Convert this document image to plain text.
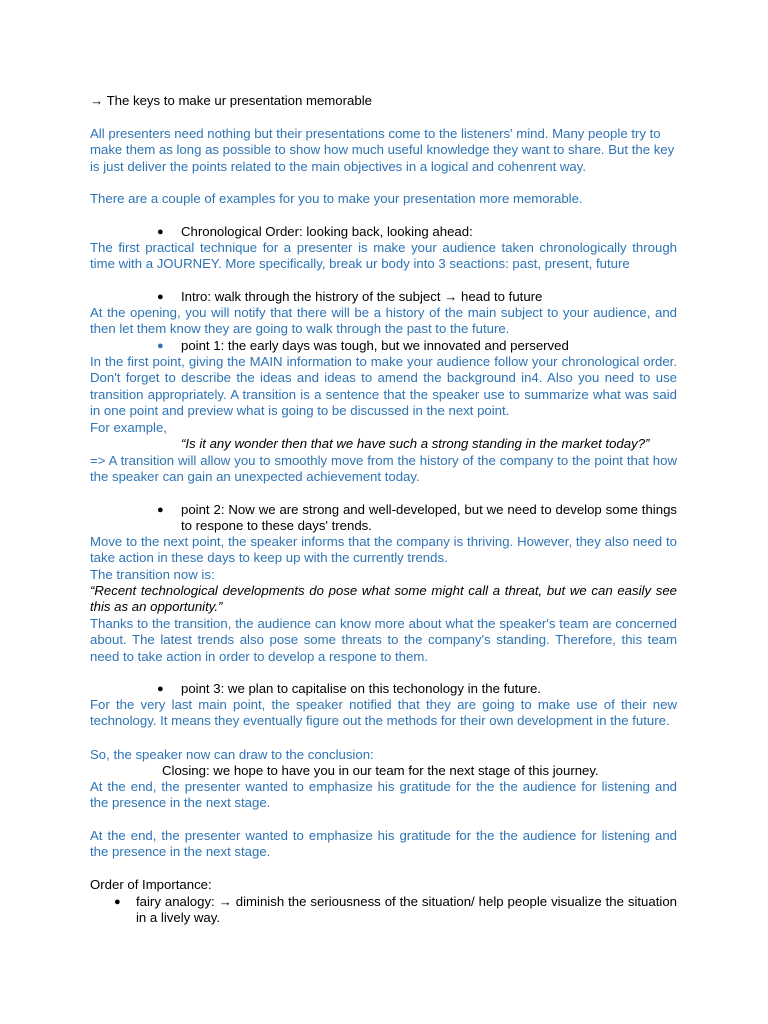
→ The keys to make ur presentation memorable

All presenters need nothing but their presentations come to the listeners' mind. Many people try to make them as long as possible to show how much useful knowledge they want to share. But the key is just deliver the points related to the main objectives in a logical and cohenrent way.

There are a couple of examples for you to make your presentation more memorable.

● Chronological Order: looking back, looking ahead:

The first practical technique for a presenter is make your audience taken chronologically through time with a JOURNEY. More specifically, break ur body into 3 seactions: past, present, future

● Intro: walk through the histrory of the subject → head to future

At the opening, you will notify that there will be a history of the main subject to your audience, and then let them know they are going to walk through the past to the future.

● point 1: the early days was tough, but we innovated and perserved

In the first point, giving the MAIN information to make your audience follow your chronological order. Don't forget to describe the ideas and ideas to amend the background in4. Also you need to use transition appropriately. A transition is a sentence that the speaker use to summarize what was said in one point and preview what is going to be discussed in the next point.

For example,

“Is it any wonder then that we have such a strong standing in the market today?”

=> A transition will allow you to smoothly move from the history of the company to the point that how the speaker can gain an unexpected achievement today.

● point 2: Now we are strong and well-developed, but we need to develop some things to respone to these days' trends.

Move to the next point, the speaker informs that the company is thriving. However, they also need to take action in these days to keep up with the currently trends.

The transition now is:

“Recent technological developments do pose what some might call a threat, but we can easily see this as an opportunity.”

Thanks to the transition, the audience can know more about what the speaker's team are concerned about. The latest trends also pose some threats to the company's standing. Therefore, this team need to take action in order to develop a respone to them.

● point 3: we plan to capitalise on this techonology in the future.

For the very last main point, the speaker notified that they are going to make use of their new technology. It means they eventually figure out the methods for their own development in the future.

So, the speaker now can draw to the conclusion:

Closing: we hope to have you in our team for the next stage of this journey.

At the end, the presenter wanted to emphasize his gratitude for the the audience for listening and the presence in the next stage.

At the end, the presenter wanted to emphasize his gratitude for the the audience for listening and the presence in the next stage.

Order of Importance:

● fairy analogy: → diminish the seriousness of the situation/ help people visualize the situation in a lively way.
